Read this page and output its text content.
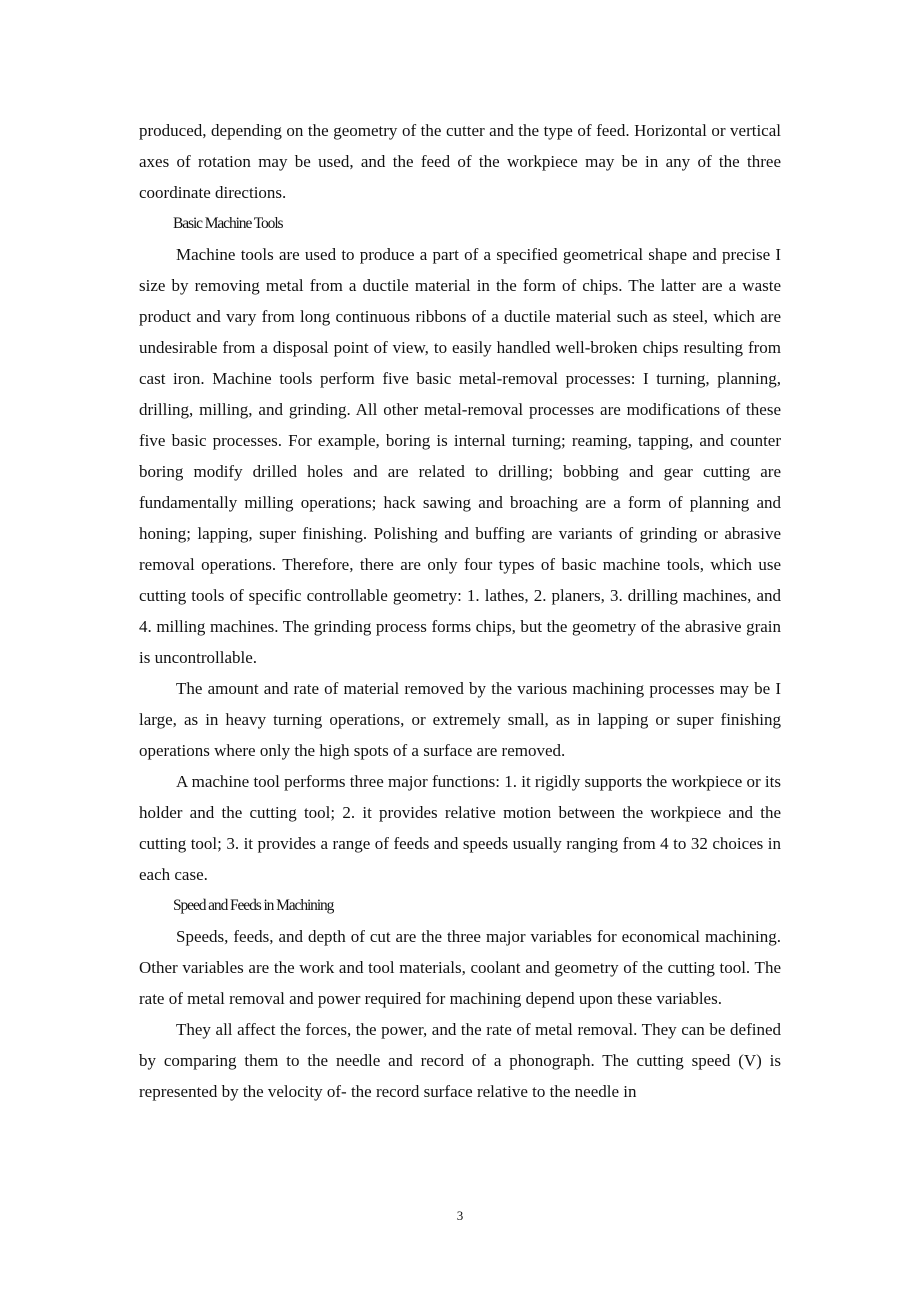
produced, depending on the geometry of the cutter and the type of feed. Horizontal or vertical axes of rotation may be used, and the feed of the workpiece may be in any of the three coordinate directions.

Basic Machine Tools

Machine tools are used to produce a part of a specified geometrical shape and precise I size by removing metal from a ductile material in the form of chips. The latter are a waste product and vary from long continuous ribbons of a ductile material such as steel, which are undesirable from a disposal point of view, to easily handled well-broken chips resulting from cast iron. Machine tools perform five basic metal-removal processes: I turning, planning, drilling, milling, and grinding. All other metal-removal processes are modifications of these five basic processes. For example, boring is internal turning; reaming, tapping, and counter boring modify drilled holes and are related to drilling; bobbing and gear cutting are fundamentally milling operations; hack sawing and broaching are a form of planning and honing; lapping, super finishing. Polishing and buffing are variants of grinding or abrasive removal operations. Therefore, there are only four types of basic machine tools, which use cutting tools of specific controllable geometry: 1. lathes, 2. planers, 3. drilling machines, and 4. milling machines. The grinding process forms chips, but the geometry of the abrasive grain is uncontrollable.

The amount and rate of material removed by the various machining processes may be I large, as in heavy turning operations, or extremely small, as in lapping or super finishing operations where only the high spots of a surface are removed.

A machine tool performs three major functions: 1. it rigidly supports the workpiece or its holder and the cutting tool; 2. it provides relative motion between the workpiece and the cutting tool; 3. it provides a range of feeds and speeds usually ranging from 4 to 32 choices in each case.

Speed and Feeds in Machining

Speeds, feeds, and depth of cut are the three major variables for economical machining. Other variables are the work and tool materials, coolant and geometry of the cutting tool. The rate of metal removal and power required for machining depend upon these variables.

They all affect the forces, the power, and the rate of metal removal. They can be defined by comparing them to the needle and record of a phonograph. The cutting speed (V) is represented by the velocity of- the record surface relative to the needle in

3
